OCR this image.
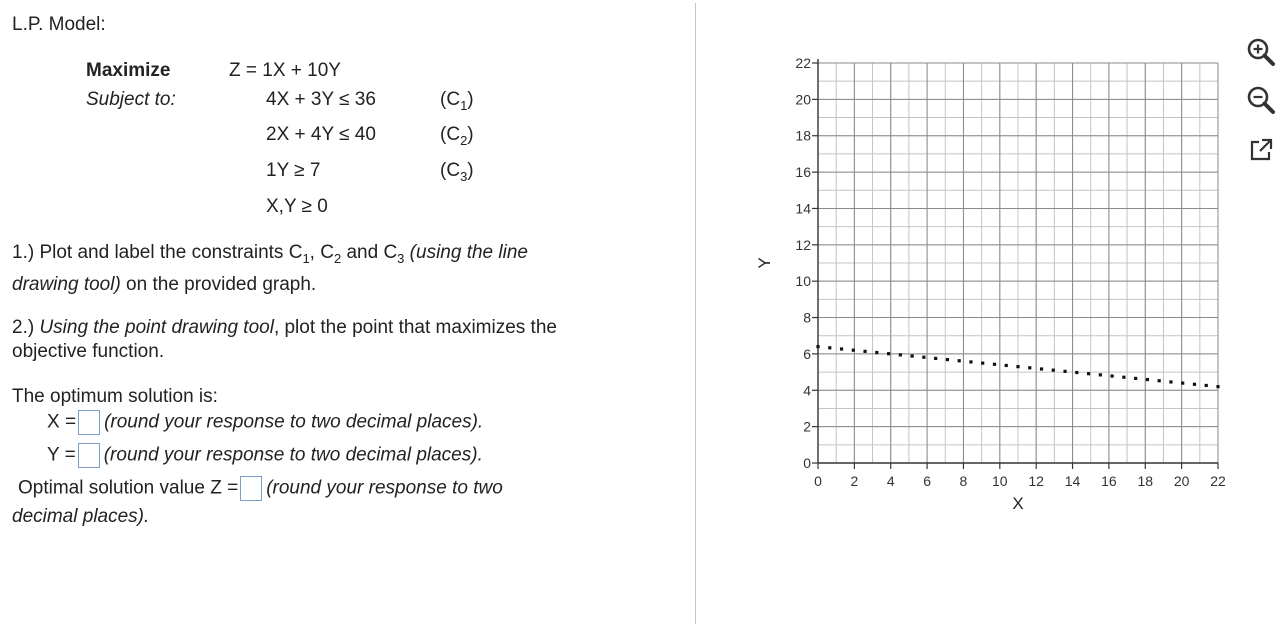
L.P. Model:
Maximize	Z = 1X + 10Y
Subject to:	4X + 3Y ≤ 36	$(C_1)$
2X + 4Y ≤ 40	$(C_2)$
1Y ≥ 7	$(C_3)$
X,Y ≥ 0
1.) Plot and label the constraints $C_1$, $C_2$ and $C_3$ (using the line
drawing tool) on the provided graph.
2.) Using the point drawing tool, plot the point that maximizes the
objective function.
The optimum solution is:
X = (round your response to two decimal places).
Y = (round your response to two decimal places).
Optimal solution value Z = (round your response to two
decimal places).
0
2
4
6
8
10
12
14
16
18
20
22
0 2 4 6 8 10 12 14 16 18 20 22
X
Y
